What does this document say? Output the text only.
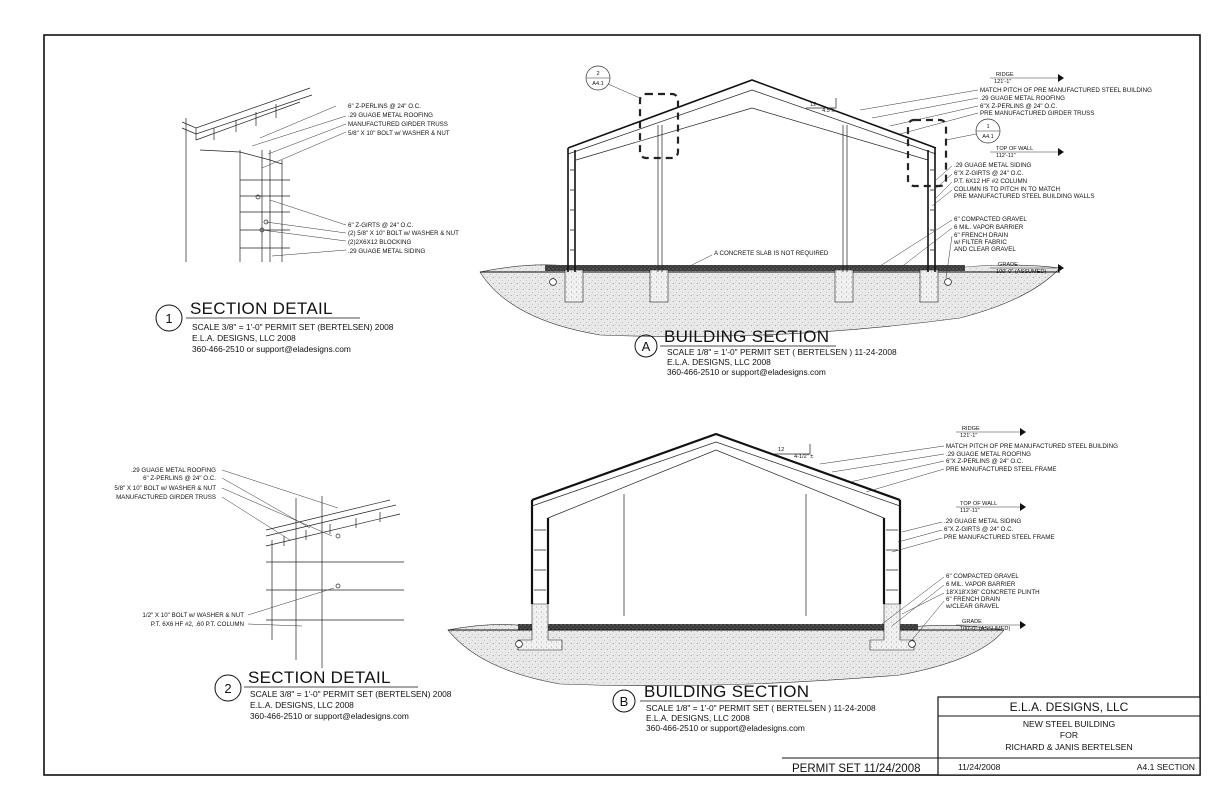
6" Z-PERLINS @ 24" O.C.
.29 GUAGE METAL ROOFING
MANUFACTURED GIRDER TRUSS
5/8" X 10" BOLT w/ WASHER & NUT
6" Z-GIRTS @ 24" O.C.
(2) 5/8" X 10" BOLT w/ WASHER & NUT
(2)2X6X12 BLOCKING
.29 GUAGE METAL SIDING
1
SECTION DETAIL
SCALE 3/8" = 1'-0" PERMIT SET (BERTELSEN) 2008
E.L.A. DESIGNS, LLC 2008
360-466-2510 or support@eladesigns.com
2
A4.1
1
A4.1
12
4.5 ±
RIDGE
121'-1"
TOP OF WALL
112'-11"
GRADE
100'-0" (ASSUMED)
MATCH PITCH OF PRE MANUFACTURED STEEL BUILDING
.29 GUAGE METAL ROOFING
6"X Z-PERLINS @ 24" O.C.
PRE MANUFACTURED GIRDER TRUSS
.29 GUAGE METAL SIDING
6"X Z-GIRTS @ 24" O.C.
P.T. 6X12 HF #2 COLUMN
COLUMN IS TO PITCH IN TO MATCH
PRE MANUFACTURED STEEL BUILDING WALLS
6" COMPACTED GRAVEL
6 MIL. VAPOR BARRIER
6" FRENCH DRAIN
w/ FILTER FABRIC
AND CLEAR GRAVEL
A CONCRETE SLAB IS NOT REQUIRED
A
BUILDING SECTION
SCALE 1/8" = 1'-0" PERMIT SET ( BERTELSEN ) 11-24-2008
E.L.A. DESIGNS, LLC 2008
360-466-2510 or support@eladesigns.com
.29 GUAGE METAL ROOFING
6" Z-PERLINS @ 24" O.C.
5/8" X 10" BOLT w/ WASHER & NUT
MANUFACTURED GIRDER TRUSS
1/2" X 10" BOLT w/ WASHER & NUT
P.T. 6X6 HF #2, .60 P.T. COLUMN
2
SECTION DETAIL
SCALE 3/8" = 1'-0" PERMIT SET (BERTELSEN) 2008
E.L.A. DESIGNS, LLC 2008
360-466-2510 or support@eladesigns.com
12
4-1/2" ±
RIDGE
121'-1"
TOP OF WALL
112'-11"
GRADE
100'-0" (ASSUMED)
MATCH PITCH OF PRE MANUFACTURED STEEL BUILDING
.29 GUAGE METAL ROOFING
6"X Z-PERLINS @ 24" O.C.
PRE MANUFACTURED STEEL FRAME
.29 GUAGE METAL SIDING
6"X Z-GIRTS @ 24" O.C.
PRE MANUFACTURED STEEL FRAME
6" COMPACTED GRAVEL
6 MIL. VAPOR BARRIER
18'X18'X36" CONCRETE PLINTH
6" FRENCH DRAIN
w/CLEAR GRAVEL
B
BUILDING SECTION
SCALE 1/8" = 1'-0" PERMIT SET ( BERTELSEN ) 11-24-2008
E.L.A. DESIGNS, LLC 2008
360-466-2510 or support@eladesigns.com
PERMIT SET 11/24/2008
E.L.A. DESIGNS, LLC
NEW STEEL BUILDING
FOR
RICHARD & JANIS BERTELSEN
11/24/2008	A4.1 SECTION
